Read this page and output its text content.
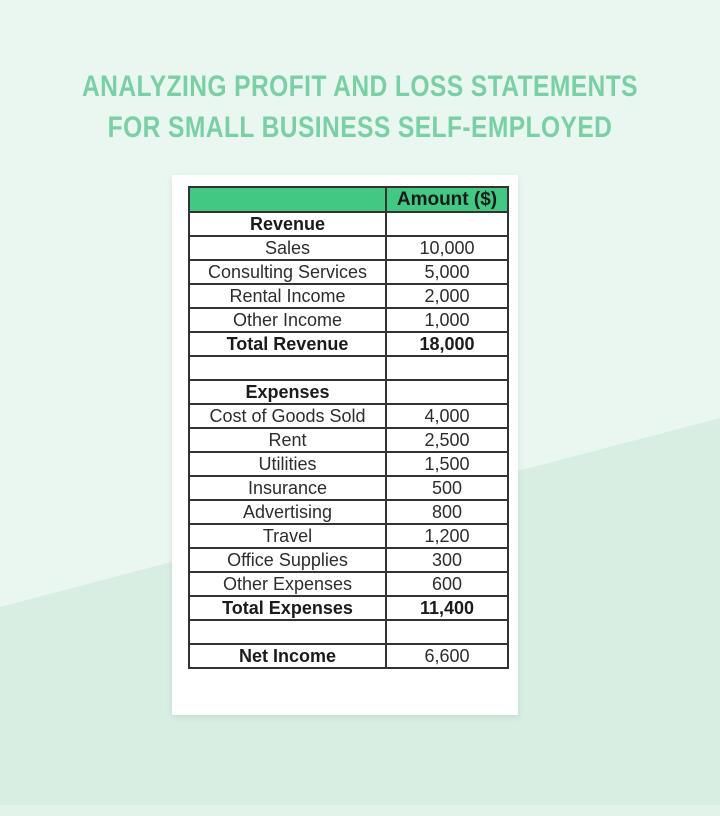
ANALYZING PROFIT AND LOSS STATEMENTS
FOR SMALL BUSINESS SELF-EMPLOYED
	Amount ($)
Revenue	
Sales	10,000
Consulting Services	5,000
Rental Income	2,000
Other Income	1,000
Total Revenue	18,000

Expenses	
Cost of Goods Sold	4,000
Rent	2,500
Utilities	1,500
Insurance	500
Advertising	800
Travel	1,200
Office Supplies	300
Other Expenses	600
Total Expenses	11,400

Net Income	6,600
